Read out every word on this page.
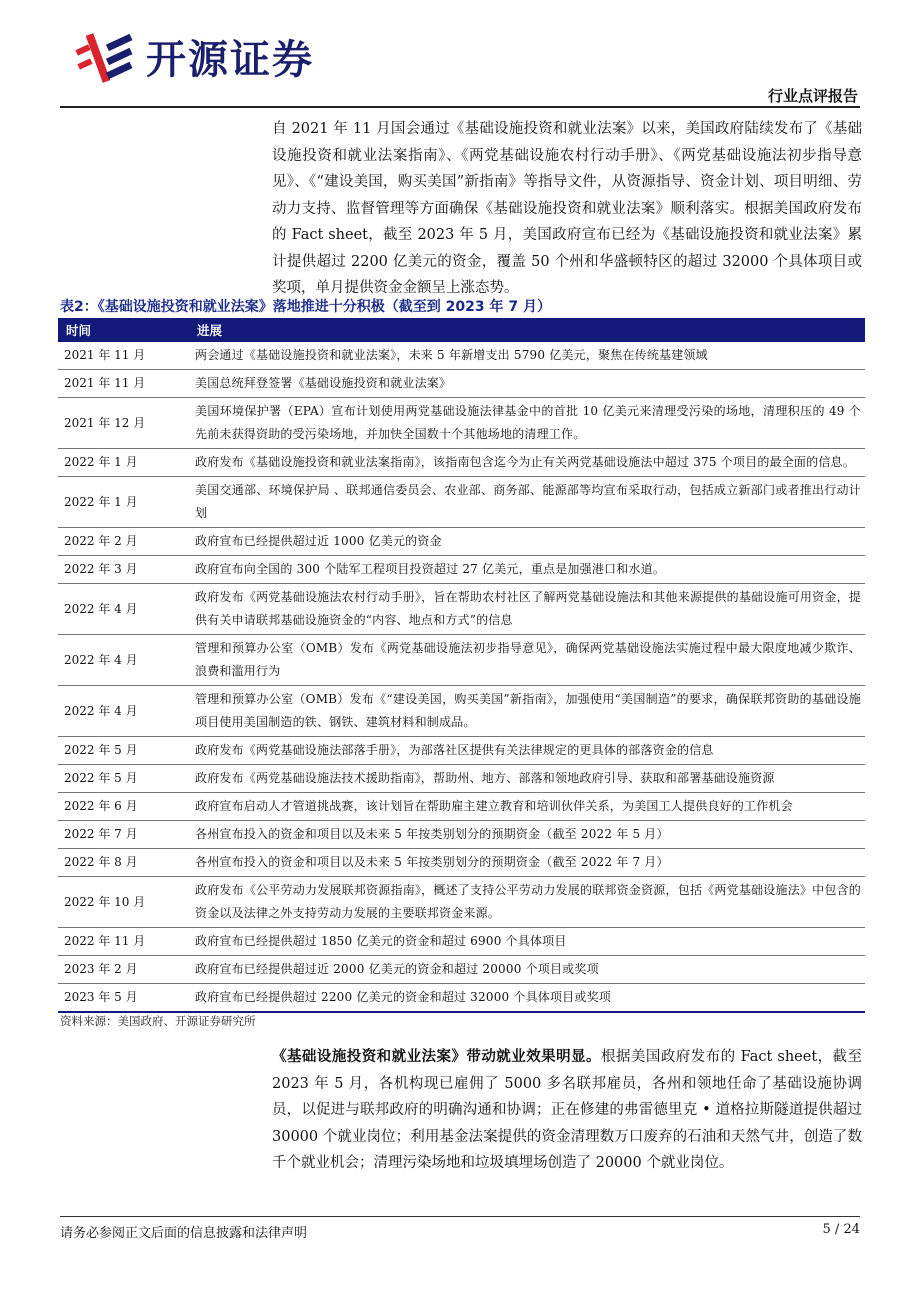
开源证券
行业点评报告

自 2021 年 11 月国会通过《基础设施投资和就业法案》以来，美国政府陆续发布了《基础设施投资和就业法案指南》、《两党基础设施农村行动手册》、《两党基础设施法初步指导意见》、《“建设美国，购买美国”新指南》等指导文件，从资源指导、资金计划、项目明细、劳动力支持、监督管理等方面确保《基础设施投资和就业法案》顺利落实。根据美国政府发布的 Fact sheet，截至 2023 年 5 月，美国政府宣布已经为《基础设施投资和就业法案》累计提供超过 2200 亿美元的资金，覆盖 50 个州和华盛顿特区的超过 32000 个具体项目或奖项，单月提供资金金额呈上涨态势。

表2：《基础设施投资和就业法案》落地推进十分积极（截至到 2023 年 7 月）
时间	进展
2021 年 11 月	两会通过《基础设施投资和就业法案》，未来 5 年新增支出 5790 亿美元，聚焦在传统基建领域
2021 年 11 月	美国总统拜登签署《基础设施投资和就业法案》
2021 年 12 月	美国环境保护署（EPA）宣布计划使用两党基础设施法律基金中的首批 10 亿美元来清理受污染的场地，清理积压的 49 个先前未获得资助的受污染场地，并加快全国数十个其他场地的清理工作。
2022 年 1 月	政府发布《基础设施投资和就业法案指南》，该指南包含迄今为止有关两党基础设施法中超过 375 个项目的最全面的信息。
2022 年 1 月	美国交通部、环境保护局 、联邦通信委员会、农业部、商务部、能源部等均宣布采取行动，包括成立新部门或者推出行动计划
2022 年 2 月	政府宣布已经提供超过近 1000 亿美元的资金
2022 年 3 月	政府宣布向全国的 300 个陆军工程项目投资超过 27 亿美元，重点是加强港口和水道。
2022 年 4 月	政府发布《两党基础设施法农村行动手册》，旨在帮助农村社区了解两党基础设施法和其他来源提供的基础设施可用资金，提供有关申请联邦基础设施资金的“内容、地点和方式”的信息
2022 年 4 月	管理和预算办公室（OMB）发布《两党基础设施法初步指导意见》，确保两党基础设施法实施过程中最大限度地减少欺诈、浪费和滥用行为
2022 年 4 月	管理和预算办公室（OMB）发布《“建设美国，购买美国”新指南》，加强使用“美国制造”的要求，确保联邦资助的基础设施项目使用美国制造的铁、钢铁、建筑材料和制成品。
2022 年 5 月	政府发布《两党基础设施法部落手册》，为部落社区提供有关法律规定的更具体的部落资金的信息
2022 年 5 月	政府发布《两党基础设施法技术援助指南》，帮助州、地方、部落和领地政府引导、获取和部署基础设施资源
2022 年 6 月	政府宣布启动人才管道挑战赛，该计划旨在帮助雇主建立教育和培训伙伴关系，为美国工人提供良好的工作机会
2022 年 7 月	各州宣布投入的资金和项目以及未来 5 年按类别划分的预期资金（截至 2022 年 5 月）
2022 年 8 月	各州宣布投入的资金和项目以及未来 5 年按类别划分的预期资金（截至 2022 年 7 月）
2022 年 10 月	政府发布《公平劳动力发展联邦资源指南》，概述了支持公平劳动力发展的联邦资金资源，包括《两党基础设施法》中包含的资金以及法律之外支持劳动力发展的主要联邦资金来源。
2022 年 11 月	政府宣布已经提供超过 1850 亿美元的资金和超过 6900 个具体项目
2023 年 2 月	政府宣布已经提供超过近 2000 亿美元的资金和超过 20000 个项目或奖项
2023 年 5 月	政府宣布已经提供超过 2200 亿美元的资金和超过 32000 个具体项目或奖项
资料来源：美国政府、开源证券研究所

《基础设施投资和就业法案》带动就业效果明显。根据美国政府发布的 Fact sheet，截至 2023 年 5 月，各机构现已雇佣了 5000 多名联邦雇员，各州和领地任命了基础设施协调员，以促进与联邦政府的明确沟通和协调；正在修建的弗雷德里克 • 道格拉斯隧道提供超过 30000 个就业岗位；利用基金法案提供的资金清理数万口废弃的石油和天然气井，创造了数千个就业机会；清理污染场地和垃圾填埋场创造了 20000 个就业岗位。

请务必参阅正文后面的信息披露和法律声明	5 / 24
